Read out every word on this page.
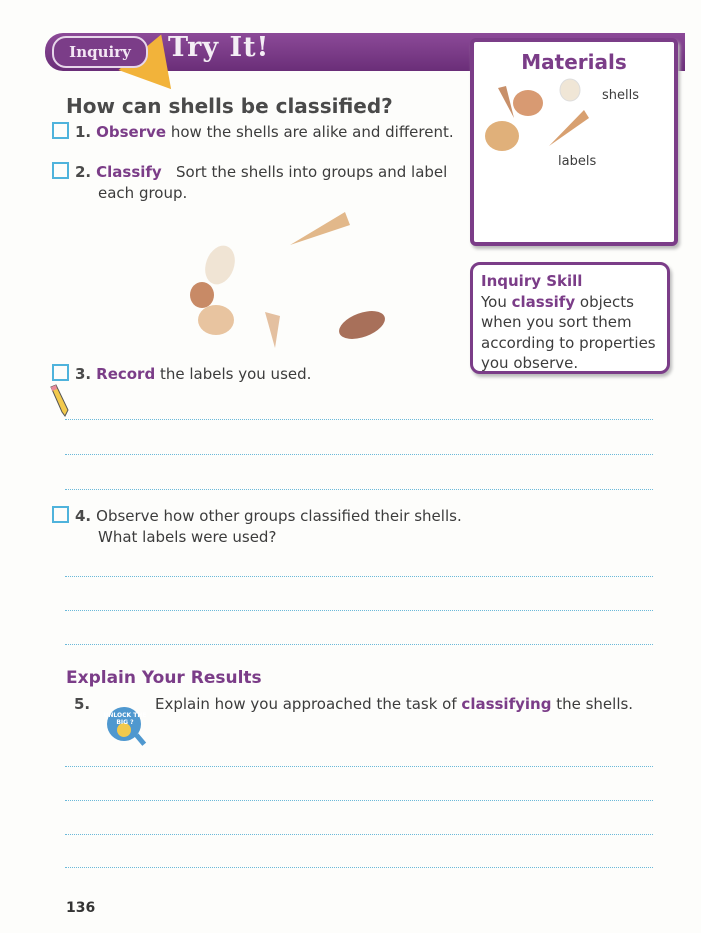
Inquiry	Try It!
How can shells be classified?
1. Observe how the shells are alike and different.
2. Classify Sort the shells into groups and label
each group.
3. Record the labels you used.
4. Observe how other groups classified their shells.
What labels were used?
Explain Your Results
5.
UNLOCK THE BIG ?
Explain how you approached the task of classifying the shells.
Materials
shells
labels
Inquiry Skill
You classify objects
when you sort them
according to properties
you observe.
136
